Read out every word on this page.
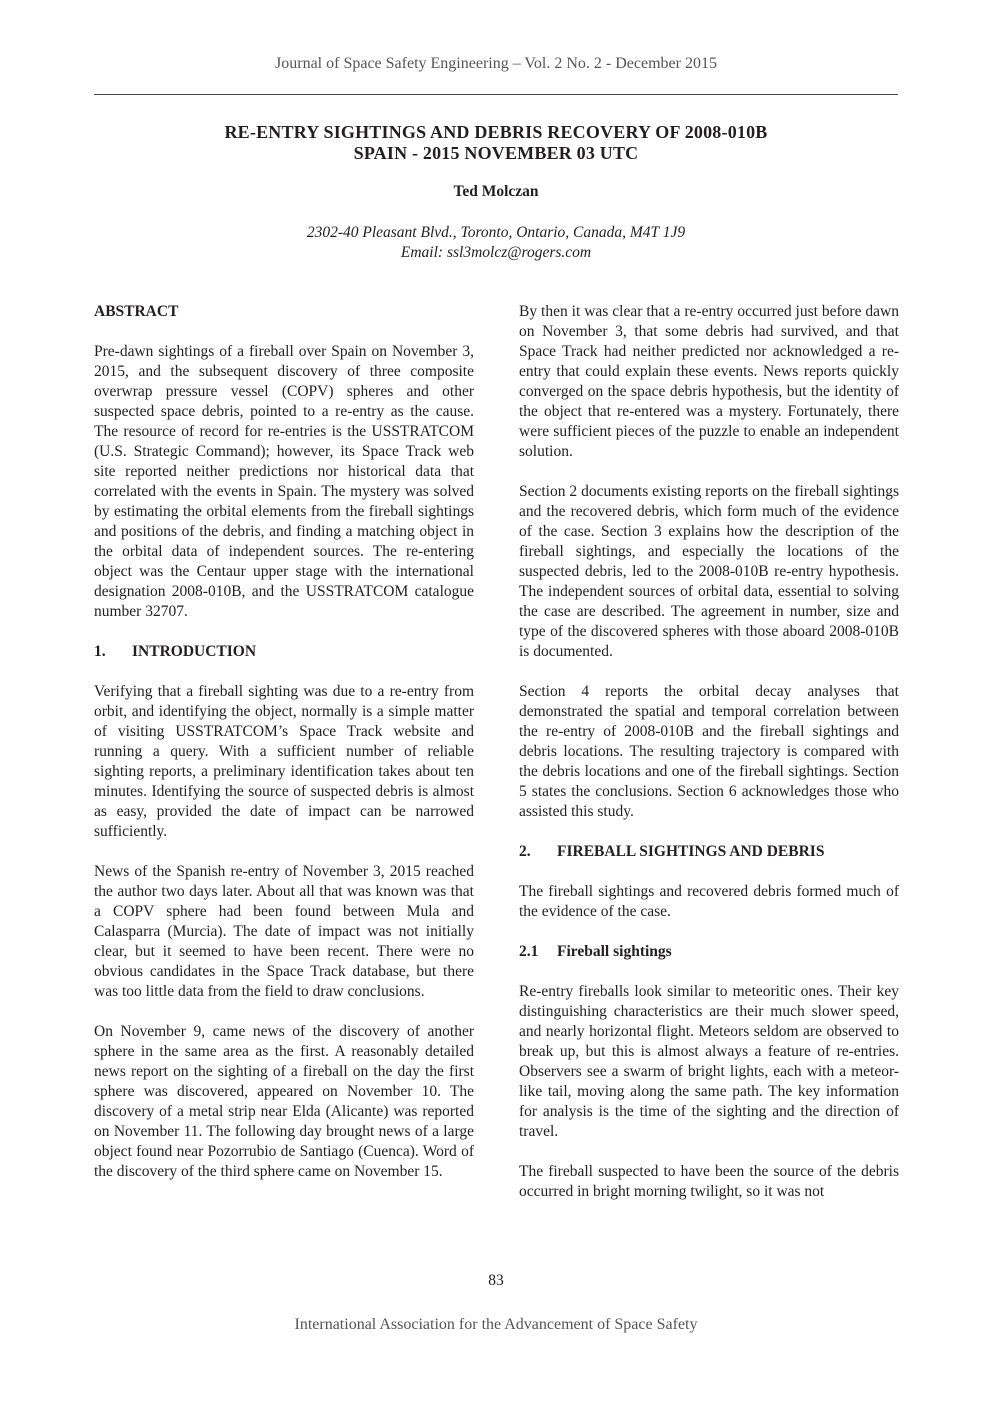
Journal of Space Safety Engineering – Vol. 2 No. 2 - December 2015
RE-ENTRY SIGHTINGS AND DEBRIS RECOVERY OF 2008-010B
SPAIN - 2015 NOVEMBER 03 UTC
Ted Molczan
2302-40 Pleasant Blvd., Toronto, Ontario, Canada, M4T 1J9
Email: ssl3molcz@rogers.com
ABSTRACT

Pre-dawn sightings of a fireball over Spain on November 3, 2015, and the subsequent discovery of three composite overwrap pressure vessel (COPV) spheres and other suspected space debris, pointed to a re-entry as the cause. The resource of record for re-entries is the USSTRATCOM (U.S. Strategic Command); however, its Space Track web site reported neither predictions nor historical data that correlated with the events in Spain. The mystery was solved by estimating the orbital elements from the fireball sightings and positions of the debris, and finding a matching object in the orbital data of independent sources. The re-entering object was the Centaur upper stage with the international designation 2008-010B, and the USSTRATCOM catalogue number 32707.

1. INTRODUCTION

Verifying that a fireball sighting was due to a re-entry from orbit, and identifying the object, normally is a simple matter of visiting USSTRATCOM’s Space Track website and running a query. With a sufficient number of reliable sighting reports, a preliminary identification takes about ten minutes. Identifying the source of suspected debris is almost as easy, provided the date of impact can be narrowed sufficiently.

News of the Spanish re-entry of November 3, 2015 reached the author two days later. About all that was known was that a COPV sphere had been found between Mula and Calasparra (Murcia). The date of impact was not initially clear, but it seemed to have been recent. There were no obvious candidates in the Space Track database, but there was too little data from the field to draw conclusions.

On November 9, came news of the discovery of another sphere in the same area as the first. A reasonably detailed news report on the sighting of a fireball on the day the first sphere was discovered, appeared on November 10. The discovery of a metal strip near Elda (Alicante) was reported on November 11. The following day brought news of a large object found near Pozorrubio de Santiago (Cuenca). Word of the discovery of the third sphere came on November 15.

By then it was clear that a re-entry occurred just before dawn on November 3, that some debris had survived, and that Space Track had neither predicted nor acknowledged a re-entry that could explain these events. News reports quickly converged on the space debris hypothesis, but the identity of the object that re-entered was a mystery. Fortunately, there were sufficient pieces of the puzzle to enable an independent solution.

Section 2 documents existing reports on the fireball sightings and the recovered debris, which form much of the evidence of the case. Section 3 explains how the description of the fireball sightings, and especially the locations of the suspected debris, led to the 2008-010B re-entry hypothesis. The independent sources of orbital data, essential to solving the case are described. The agreement in number, size and type of the discovered spheres with those aboard 2008-010B is documented.

Section 4 reports the orbital decay analyses that demonstrated the spatial and temporal correlation between the re-entry of 2008-010B and the fireball sightings and debris locations. The resulting trajectory is compared with the debris locations and one of the fireball sightings. Section 5 states the conclusions. Section 6 acknowledges those who assisted this study.

2. FIREBALL SIGHTINGS AND DEBRIS

The fireball sightings and recovered debris formed much of the evidence of the case.

2.1 Fireball sightings

Re-entry fireballs look similar to meteoritic ones. Their key distinguishing characteristics are their much slower speed, and nearly horizontal flight. Meteors seldom are observed to break up, but this is almost always a feature of re-entries. Observers see a swarm of bright lights, each with a meteor-like tail, moving along the same path. The key information for analysis is the time of the sighting and the direction of travel.

The fireball suspected to have been the source of the debris occurred in bright morning twilight, so it was not

83
International Association for the Advancement of Space Safety
